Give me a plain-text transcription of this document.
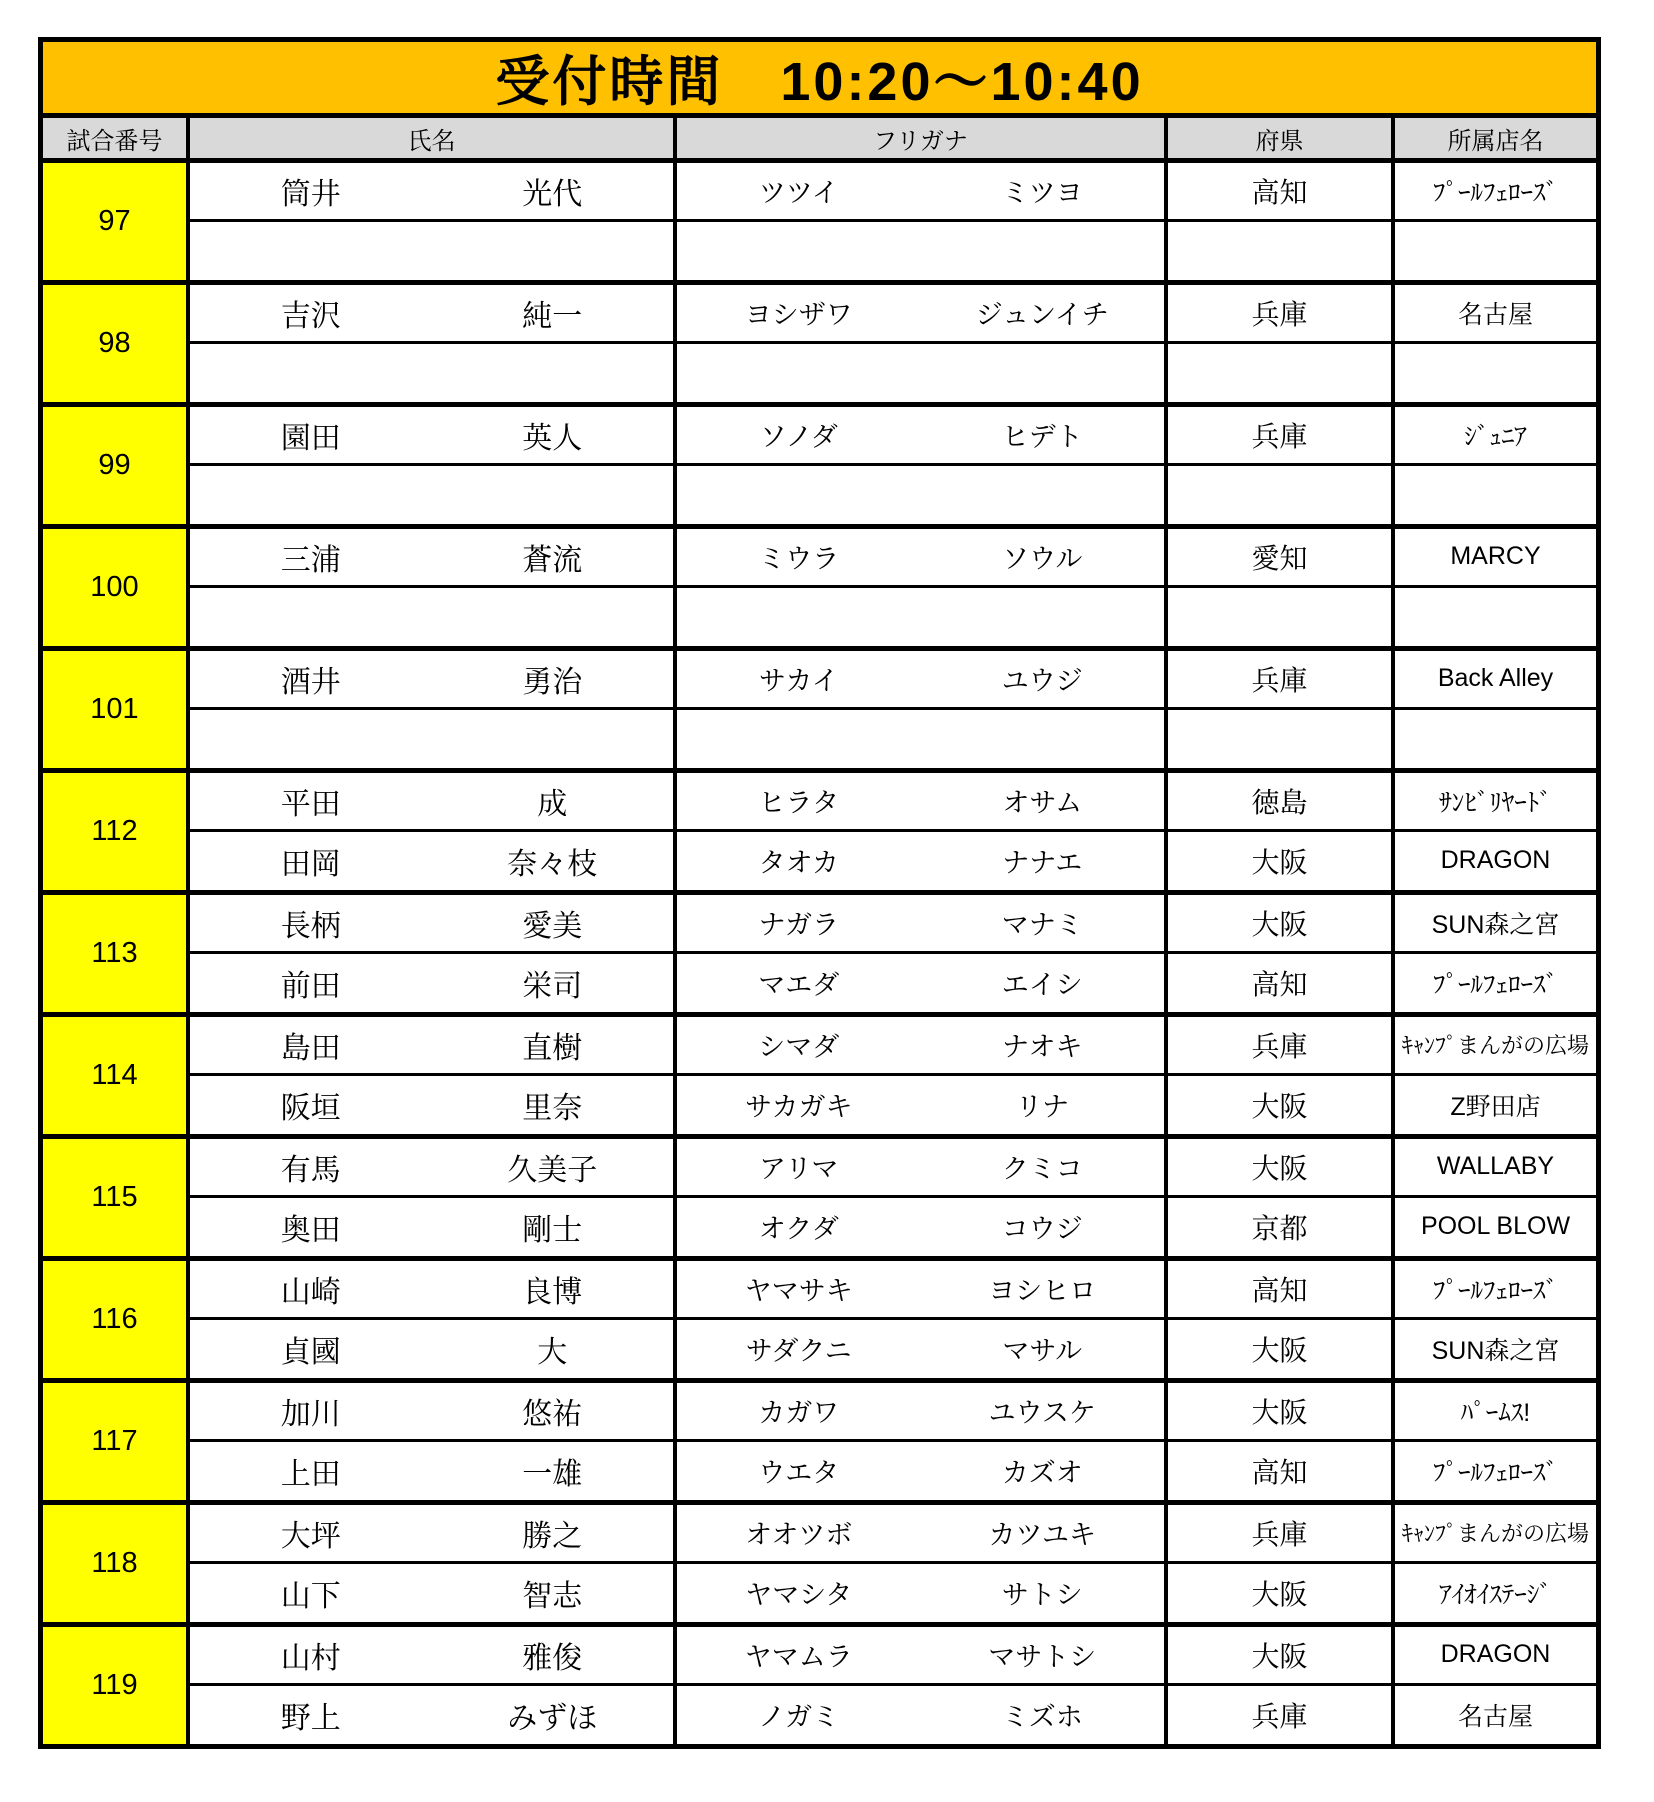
受付時間　10:20～10:40
試合番号	氏名	フリガナ	府県	所属店名
97
筒井	光代	ツツイ	ミツヨ	高知	ﾌﾟｰﾙﾌｪﾛｰｽﾞ
98
吉沢	純一	ヨシザワ	ジュンイチ	兵庫	名古屋
99
園田	英人	ソノダ	ヒデト	兵庫	ｼﾞｭﾆｱ
100
三浦	蒼流	ミウラ	ソウル	愛知	MARCY
101
酒井	勇治	サカイ	ユウジ	兵庫	Back Alley
112
平田	成	ヒラタ	オサム	徳島	ｻﾝﾋﾞﾘﾔｰﾄﾞ
田岡	奈々枝	タオカ	ナナエ	大阪	DRAGON
113
長柄	愛美	ナガラ	マナミ	大阪	SUN森之宮
前田	栄司	マエダ	エイシ	高知	ﾌﾟｰﾙﾌｪﾛｰｽﾞ
114
島田	直樹	シマダ	ナオキ	兵庫	ｷｬﾝﾌﾟまんがの広場
阪垣	里奈	サカガキ	リナ	大阪	Z野田店
115
有馬	久美子	アリマ	クミコ	大阪	WALLABY
奥田	剛士	オクダ	コウジ	京都	POOL BLOW
116
山崎	良博	ヤマサキ	ヨシヒロ	高知	ﾌﾟｰﾙﾌｪﾛｰｽﾞ
貞國	大	サダクニ	マサル	大阪	SUN森之宮
117
加川	悠祐	カガワ	ユウスケ	大阪	ﾊﾟｰﾑｽ!
上田	一雄	ウエタ	カズオ	高知	ﾌﾟｰﾙﾌｪﾛｰｽﾞ
118
大坪	勝之	オオツボ	カツユキ	兵庫	ｷｬﾝﾌﾟまんがの広場
山下	智志	ヤマシタ	サトシ	大阪	ｱｲｵｲｽﾃｰｼﾞ
119
山村	雅俊	ヤマムラ	マサトシ	大阪	DRAGON
野上	みずほ	ノガミ	ミズホ	兵庫	名古屋
